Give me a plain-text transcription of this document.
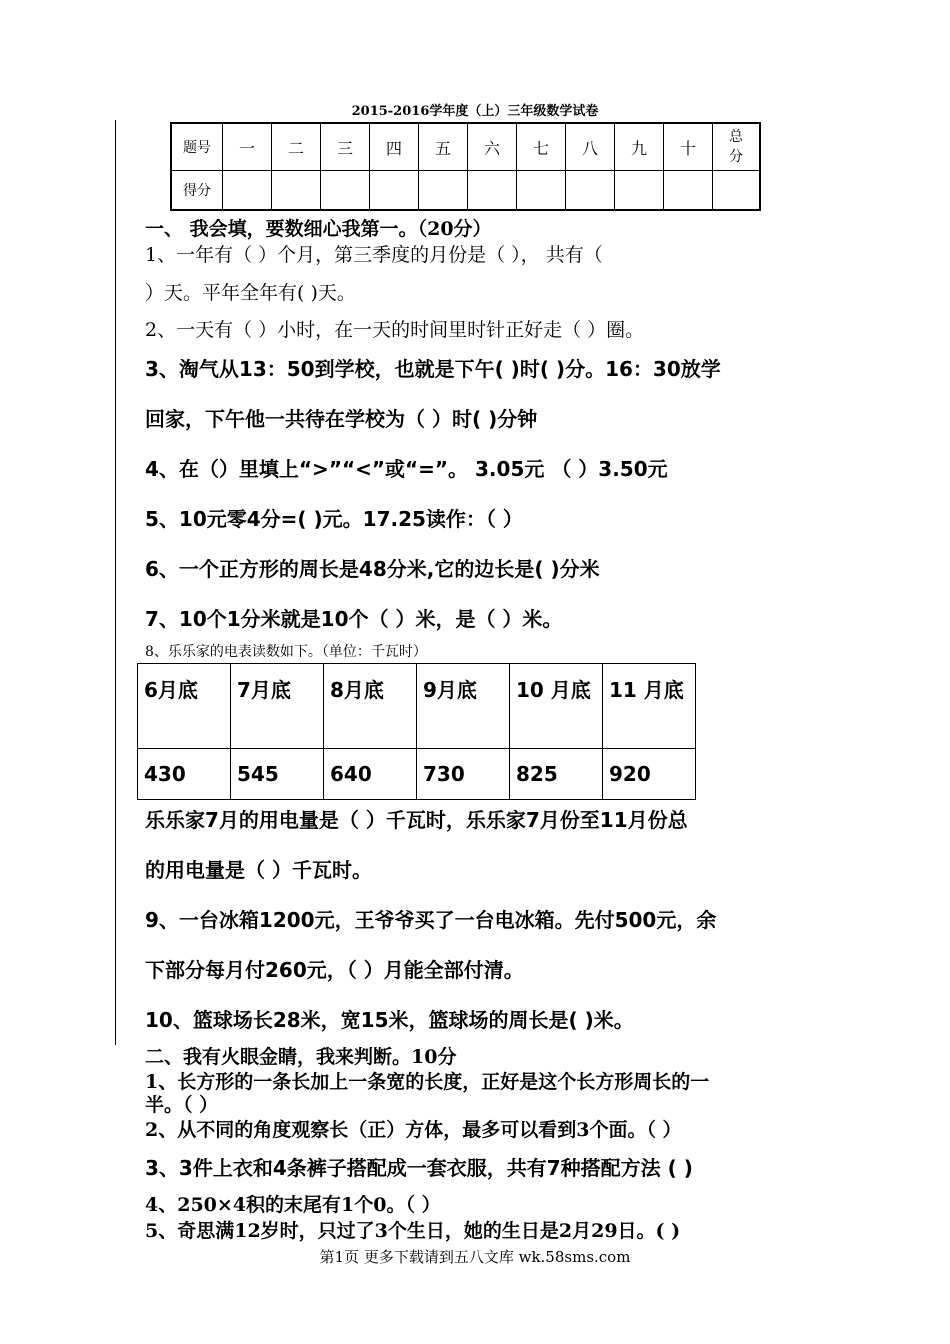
2015-2016学年度（上）三年级数学试卷
题号	一	二	三	四	五	六	七	八	九	十	总分
得分											
一、 我会填，要数细心我第一。（20分）
1、一年有（ ）个月，第三季度的月份是（ ）， 共有（
）天。平年全年有( )天。
2、一天有（ ）小时，在一天的时间里时针正好走（ ）圈。
3、淘气从13：50到学校，也就是下午( )时( )分。16：30放学
回家，下午他一共待在学校为（ ）时( )分钟
4、在（）里填上“>”“<”或“=”。 3.05元 （ ）3.50元
5、10元零4分=( )元。17.25读作：（ ）
6、一个正方形的周长是48分米,它的边长是( )分米
7、10个1分米就是10个（ ）米，是（ ）米。
8、乐乐家的电表读数如下。（单位：千瓦时）
6月底	7月底	8月底	9月底	10 月底	11 月底
430	545	640	730	825	920
乐乐家7月的用电量是（ ）千瓦时，乐乐家7月份至11月份总
的用电量是（ ）千瓦时。
9、一台冰箱1200元，王爷爷买了一台电冰箱。先付500元，余
下部分每月付260元，（ ）月能全部付清。
10、篮球场长28米，宽15米，篮球场的周长是( )米。
二、我有火眼金睛，我来判断。10分
1、长方形的一条长加上一条宽的长度，正好是这个长方形周长的一
半。（ ）
2、从不同的角度观察长（正）方体，最多可以看到3个面。（ ）
3、3件上衣和4条裤子搭配成一套衣服，共有7种搭配方法 ( )
4、250×4积的末尾有1个0。（ ）
5、奇思满12岁时，只过了3个生日，她的生日是2月29日。( )
第1页 更多下载请到五八文库 wk.58sms.com
